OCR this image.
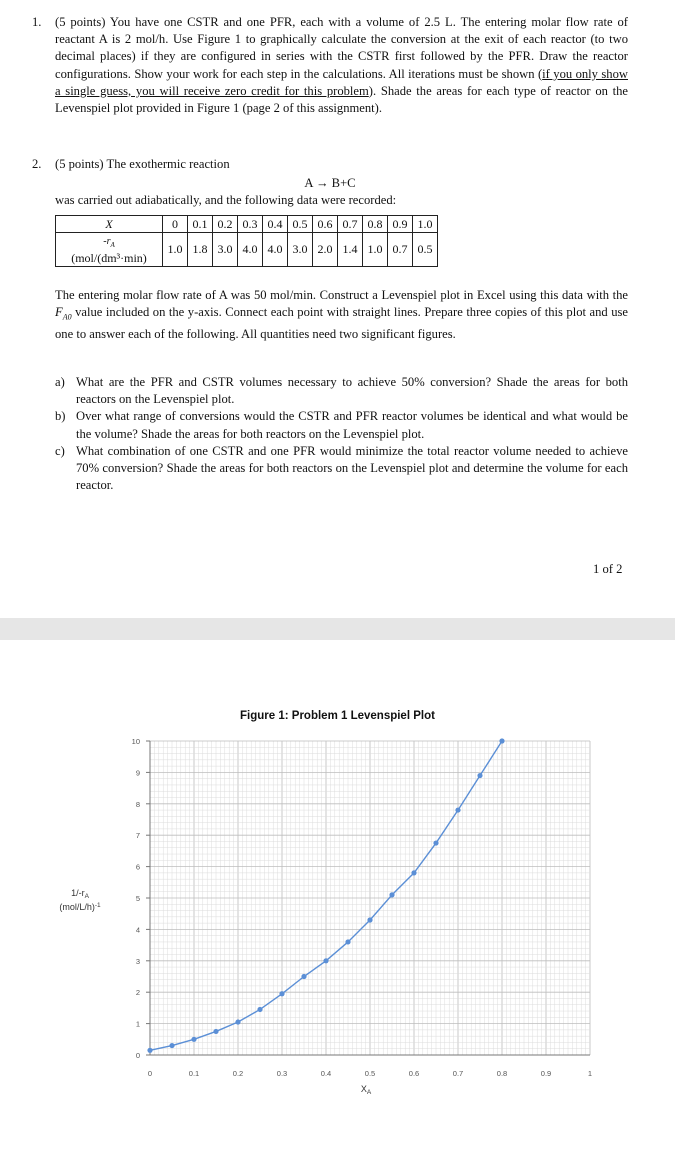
1. (5 points) You have one CSTR and one PFR, each with a volume of 2.5 L. The entering molar flow rate of reactant A is 2 mol/h. Use Figure 1 to graphically calculate the conversion at the exit of each reactor (to two decimal places) if they are configured in series with the CSTR first followed by the PFR. Draw the reactor configurations. Show your work for each step in the calculations. All iterations must be shown (if you only show a single guess, you will receive zero credit for this problem). Shade the areas for each type of reactor on the Levenspiel plot provided in Figure 1 (page 2 of this assignment).
2. (5 points) The exothermic reaction
A → B+C
was carried out adiabatically, and the following data were recorded:
X	0	0.1	0.2	0.3	0.4	0.5	0.6	0.7	0.8	0.9	1.0
$-r_A$
(mol/(dm³·min)	1.0	1.8	3.0	4.0	4.0	3.0	2.0	1.4	1.0	0.7	0.5
The entering molar flow rate of A was 50 mol/min. Construct a Levenspiel plot in Excel using this data with the $F_{A0}$ value included on the y-axis. Connect each point with straight lines. Prepare three copies of this plot and use one to answer each of the following. All quantities need two significant figures.
a) What are the PFR and CSTR volumes necessary to achieve 50% conversion? Shade the areas for both reactors on the Levenspiel plot.
b) Over what range of conversions would the CSTR and PFR reactor volumes be identical and what would be the volume? Shade the areas for both reactors on the Levenspiel plot.
c) What combination of one CSTR and one PFR would minimize the total reactor volume needed to achieve 70% conversion? Shade the areas for both reactors on the Levenspiel plot and determine the volume for each reactor.
1 of 2
Figure 1: Problem 1 Levenspiel Plot
0
1
2
3
4
5
6
7
8
9
10
0	0.1	0.2	0.3	0.4	0.5	0.6	0.7	0.8	0.9	1
$1/-r_A$
$(mol/L/h)^{-1}$
$X_A$
